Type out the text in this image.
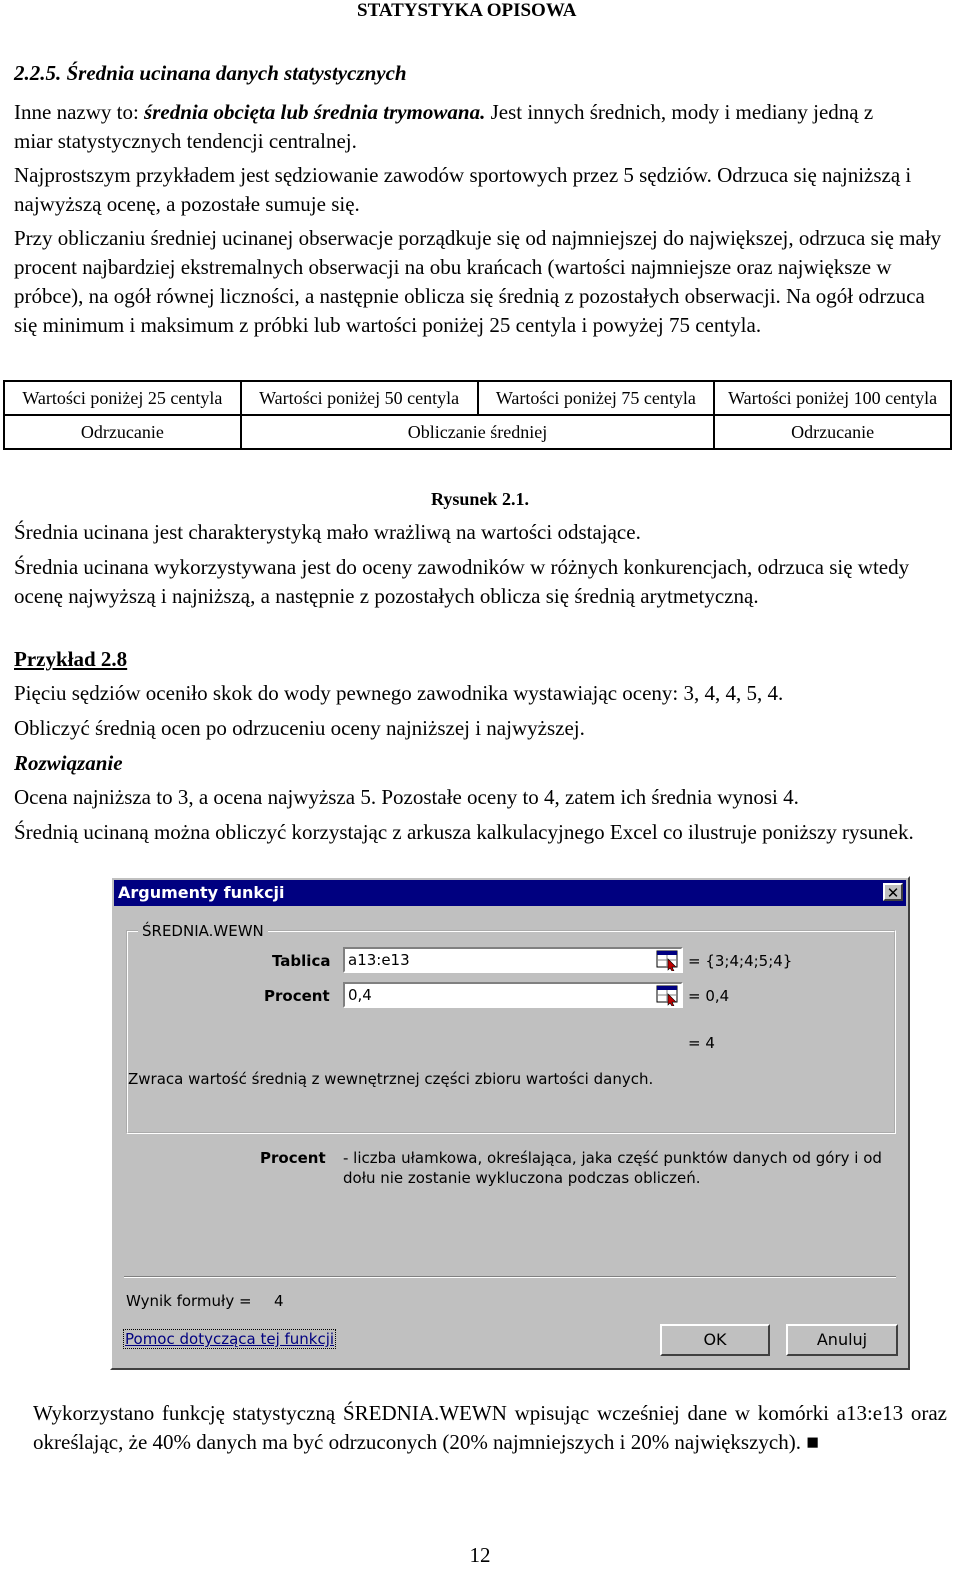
STATYSTYKA OPISOWA
2.2.5. Średnia ucinana danych statystycznych

Inne nazwy to: średnia obcięta lub średnia trymowana. Jest innych średnich, mody i mediany jedną z miar statystycznych tendencji centralnej.

Najprostszym przykładem jest sędziowanie zawodów sportowych przez 5 sędziów. Odrzuca się najniższą i najwyższą ocenę, a pozostałe sumuje się.

Przy obliczaniu średniej ucinanej obserwacje porządkuje się od najmniejszej do największej, odrzuca się mały procent najbardziej ekstremalnych obserwacji na obu krańcach (wartości najmniejsze oraz największe w próbce), na ogół równej liczności, a następnie oblicza się średnią z pozostałych obserwacji. Na ogół odrzuca się minimum i maksimum z próbki lub wartości poniżej 25 centyla i powyżej 75 centyla.

Wartości poniżej 25 centyla	Wartości poniżej 50 centyla	Wartości poniżej 75 centyla	Wartości poniżej 100 centyla
Odrzucanie	Obliczanie średniej		Odrzucanie
Rysunek 2.1.

Średnia ucinana jest charakterystyką mało wrażliwą na wartości odstające.

Średnia ucinana wykorzystywana jest do oceny zawodników w różnych konkurencjach, odrzuca się wtedy ocenę najwyższą i najniższą, a następnie z pozostałych oblicza się średnią arytmetyczną.

Przykład 2.8

Pięciu sędziów oceniło skok do wody pewnego zawodnika wystawiając oceny: 3, 4, 4, 5, 4.

Obliczyć średnią ocen po odrzuceniu oceny najniższej i najwyższej.

Rozwiązanie

Ocena najniższa to 3, a ocena najwyższa 5. Pozostałe oceny to 4, zatem ich średnia wynosi 4.

Średnią ucinaną można obliczyć korzystając z arkusza kalkulacyjnego Excel co ilustruje poniższy rysunek.

Argumenty funkcji	✕
ŚREDNIA.WEWN
Tablica	a13:e13	= {3;4;4;5;4}
Procent	0,4	= 0,4
= 4
Zwraca wartość średnią z wewnętrznej części zbioru wartości danych.
Procent - liczba ułamkowa, określająca, jaka część punktów danych od góry i od
dołu nie zostanie wykluczona podczas obliczeń.
Wynik formuły = 4
Pomoc dotycząca tej funkcji	OK	Anuluj

Wykorzystano funkcję statystyczną ŚREDNIA.WEWN wpisując wcześniej dane w komórki a13:e13 oraz określając, że 40% danych ma być odrzuconych (20% najmniejszych i 20% największych). ■

12
